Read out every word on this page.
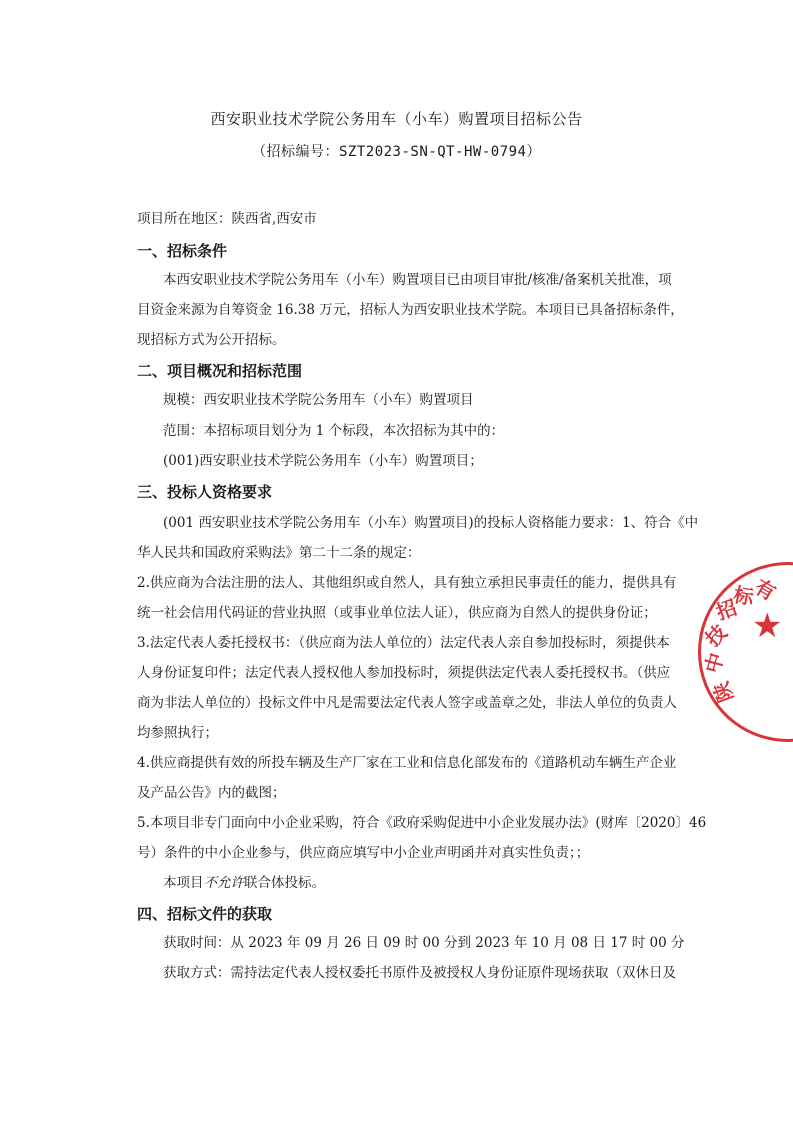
西安职业技术学院公务用车（小车）购置项目招标公告
（招标编号：SZT2023-SN-QT-HW-0794）
项目所在地区：陕西省,西安市
一、招标条件
本西安职业技术学院公务用车（小车）购置项目已由项目审批/核准/备案机关批准，项
目资金来源为自筹资金 16.38 万元，招标人为西安职业技术学院。本项目已具备招标条件，
现招标方式为公开招标。
二、项目概况和招标范围
规模：西安职业技术学院公务用车（小车）购置项目
范围：本招标项目划分为 1 个标段，本次招标为其中的：
(001)西安职业技术学院公务用车（小车）购置项目；
三、投标人资格要求
(001 西安职业技术学院公务用车（小车）购置项目)的投标人资格能力要求：1、符合《中
华人民共和国政府采购法》第二十二条的规定：
2.供应商为合法注册的法人、其他组织或自然人，具有独立承担民事责任的能力，提供具有
统一社会信用代码证的营业执照（或事业单位法人证），供应商为自然人的提供身份证；
3.法定代表人委托授权书：（供应商为法人单位的）法定代表人亲自参加投标时，须提供本
人身份证复印件；法定代表人授权他人参加投标时，须提供法定代表人委托授权书。（供应
商为非法人单位的）投标文件中凡是需要法定代表人签字或盖章之处，非法人单位的负责人
均参照执行；
4.供应商提供有效的所投车辆及生产厂家在工业和信息化部发布的《道路机动车辆生产企业
及产品公告》内的截图；
5.本项目非专门面向中小企业采购，符合《政府采购促进中小企业发展办法》(财库〔2020〕46
号）条件的中小企业参与，供应商应填写中小企业声明函并对真实性负责；；
本项目不允许联合体投标。
四、招标文件的获取
获取时间：从 2023 年 09 月 26 日 09 时 00 分到 2023 年 10 月 08 日 17 时 00 分
获取方式：需持法定代表人授权委托书原件及被授权人身份证原件现场获取（双休日及
★
有
标
招
技
中
陕
